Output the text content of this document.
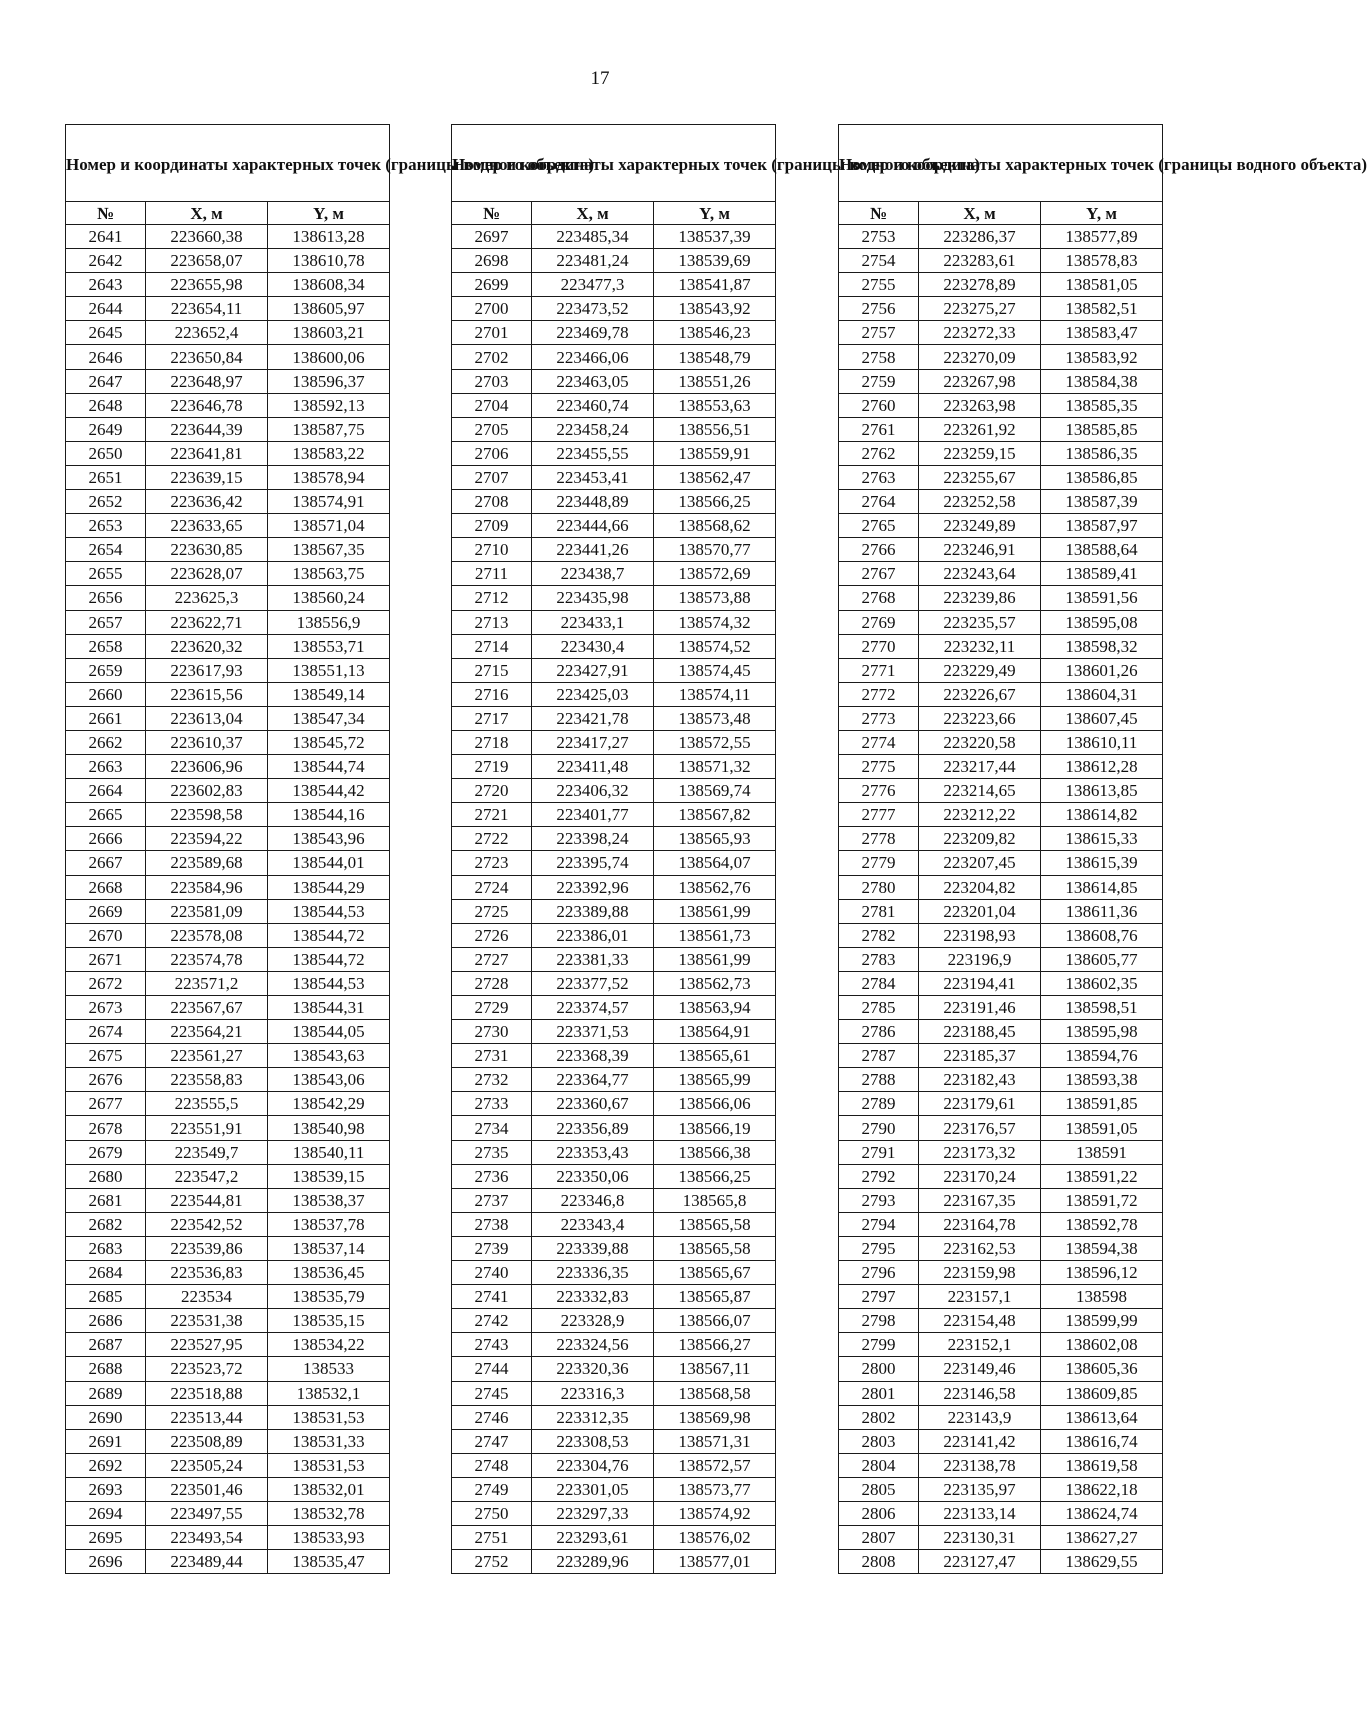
17
Номер и координаты характерных точек (границы водного объекта)		
№	X, м	Y, м
2641	223660,38	138613,28
2642	223658,07	138610,78
2643	223655,98	138608,34
2644	223654,11	138605,97
2645	223652,4	138603,21
2646	223650,84	138600,06
2647	223648,97	138596,37
2648	223646,78	138592,13
2649	223644,39	138587,75
2650	223641,81	138583,22
2651	223639,15	138578,94
2652	223636,42	138574,91
2653	223633,65	138571,04
2654	223630,85	138567,35
2655	223628,07	138563,75
2656	223625,3	138560,24
2657	223622,71	138556,9
2658	223620,32	138553,71
2659	223617,93	138551,13
2660	223615,56	138549,14
2661	223613,04	138547,34
2662	223610,37	138545,72
2663	223606,96	138544,74
2664	223602,83	138544,42
2665	223598,58	138544,16
2666	223594,22	138543,96
2667	223589,68	138544,01
2668	223584,96	138544,29
2669	223581,09	138544,53
2670	223578,08	138544,72
2671	223574,78	138544,72
2672	223571,2	138544,53
2673	223567,67	138544,31
2674	223564,21	138544,05
2675	223561,27	138543,63
2676	223558,83	138543,06
2677	223555,5	138542,29
2678	223551,91	138540,98
2679	223549,7	138540,11
2680	223547,2	138539,15
2681	223544,81	138538,37
2682	223542,52	138537,78
2683	223539,86	138537,14
2684	223536,83	138536,45
2685	223534	138535,79
2686	223531,38	138535,15
2687	223527,95	138534,22
2688	223523,72	138533
2689	223518,88	138532,1
2690	223513,44	138531,53
2691	223508,89	138531,33
2692	223505,24	138531,53
2693	223501,46	138532,01
2694	223497,55	138532,78
2695	223493,54	138533,93
2696	223489,44	138535,47
Номер и координаты характерных точек (границы водного объекта)		
№	X, м	Y, м
2697	223485,34	138537,39
2698	223481,24	138539,69
2699	223477,3	138541,87
2700	223473,52	138543,92
2701	223469,78	138546,23
2702	223466,06	138548,79
2703	223463,05	138551,26
2704	223460,74	138553,63
2705	223458,24	138556,51
2706	223455,55	138559,91
2707	223453,41	138562,47
2708	223448,89	138566,25
2709	223444,66	138568,62
2710	223441,26	138570,77
2711	223438,7	138572,69
2712	223435,98	138573,88
2713	223433,1	138574,32
2714	223430,4	138574,52
2715	223427,91	138574,45
2716	223425,03	138574,11
2717	223421,78	138573,48
2718	223417,27	138572,55
2719	223411,48	138571,32
2720	223406,32	138569,74
2721	223401,77	138567,82
2722	223398,24	138565,93
2723	223395,74	138564,07
2724	223392,96	138562,76
2725	223389,88	138561,99
2726	223386,01	138561,73
2727	223381,33	138561,99
2728	223377,52	138562,73
2729	223374,57	138563,94
2730	223371,53	138564,91
2731	223368,39	138565,61
2732	223364,77	138565,99
2733	223360,67	138566,06
2734	223356,89	138566,19
2735	223353,43	138566,38
2736	223350,06	138566,25
2737	223346,8	138565,8
2738	223343,4	138565,58
2739	223339,88	138565,58
2740	223336,35	138565,67
2741	223332,83	138565,87
2742	223328,9	138566,07
2743	223324,56	138566,27
2744	223320,36	138567,11
2745	223316,3	138568,58
2746	223312,35	138569,98
2747	223308,53	138571,31
2748	223304,76	138572,57
2749	223301,05	138573,77
2750	223297,33	138574,92
2751	223293,61	138576,02
2752	223289,96	138577,01
Номер и координаты характерных точек (границы водного объекта)		
№	X, м	Y, м
2753	223286,37	138577,89
2754	223283,61	138578,83
2755	223278,89	138581,05
2756	223275,27	138582,51
2757	223272,33	138583,47
2758	223270,09	138583,92
2759	223267,98	138584,38
2760	223263,98	138585,35
2761	223261,92	138585,85
2762	223259,15	138586,35
2763	223255,67	138586,85
2764	223252,58	138587,39
2765	223249,89	138587,97
2766	223246,91	138588,64
2767	223243,64	138589,41
2768	223239,86	138591,56
2769	223235,57	138595,08
2770	223232,11	138598,32
2771	223229,49	138601,26
2772	223226,67	138604,31
2773	223223,66	138607,45
2774	223220,58	138610,11
2775	223217,44	138612,28
2776	223214,65	138613,85
2777	223212,22	138614,82
2778	223209,82	138615,33
2779	223207,45	138615,39
2780	223204,82	138614,85
2781	223201,04	138611,36
2782	223198,93	138608,76
2783	223196,9	138605,77
2784	223194,41	138602,35
2785	223191,46	138598,51
2786	223188,45	138595,98
2787	223185,37	138594,76
2788	223182,43	138593,38
2789	223179,61	138591,85
2790	223176,57	138591,05
2791	223173,32	138591
2792	223170,24	138591,22
2793	223167,35	138591,72
2794	223164,78	138592,78
2795	223162,53	138594,38
2796	223159,98	138596,12
2797	223157,1	138598
2798	223154,48	138599,99
2799	223152,1	138602,08
2800	223149,46	138605,36
2801	223146,58	138609,85
2802	223143,9	138613,64
2803	223141,42	138616,74
2804	223138,78	138619,58
2805	223135,97	138622,18
2806	223133,14	138624,74
2807	223130,31	138627,27
2808	223127,47	138629,55
